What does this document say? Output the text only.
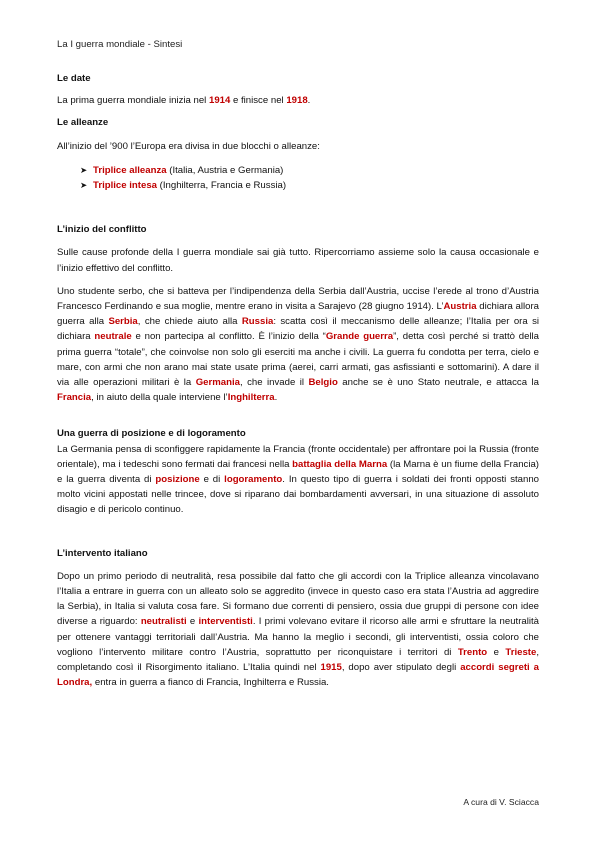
La I guerra mondiale - Sintesi
Le date

La prima guerra mondiale inizia nel 1914 e finisce nel 1918.

Le alleanze

All’inizio del ’900 l’Europa era divisa in due blocchi o alleanze:

➤ Triplice alleanza (Italia, Austria e Germania)
➤ Triplice intesa (Inghilterra, Francia e Russia)
L’inizio del conflitto

Sulle cause profonde della I guerra mondiale sai già tutto. Ripercorriamo assieme solo la causa occasionale e l’inizio effettivo del conflitto.

Uno studente serbo, che si batteva per l’indipendenza della Serbia dall’Austria, uccise l’erede al trono d’Austria Francesco Ferdinando e sua moglie, mentre erano in visita a Sarajevo (28 giugno 1914). L’Austria dichiara allora guerra alla Serbia, che chiede aiuto alla Russia: scatta così il meccanismo delle alleanze; l’Italia per ora si dichiara neutrale e non partecipa al conflitto. È l’inizio della “Grande guerra”, detta così perché si trattò della prima guerra “totale”, che coinvolse non solo gli eserciti ma anche i civili. La guerra fu condotta per terra, cielo e mare, con armi che non arano mai state usate prima (aerei, carri armati, gas asfissianti e sottomarini). A dare il via alle operazioni militari è la Germania, che invade il Belgio anche se è uno Stato neutrale, e attacca la Francia, in aiuto della quale interviene l’Inghilterra.

Una guerra di posizione e di logoramento

La Germania pensa di sconfiggere rapidamente la Francia (fronte occidentale) per affrontare poi la Russia (fronte orientale), ma i tedeschi sono fermati dai francesi nella battaglia della Marna (la Marna è un fiume della Francia) e la guerra diventa di posizione e di logoramento. In questo tipo di guerra i soldati dei fronti opposti stanno molto vicini appostati nelle trincee, dove si riparano dai bombardamenti avversari, in una situazione di assoluto disagio e di pericolo continuo.

L’intervento italiano

Dopo un primo periodo di neutralità, resa possibile dal fatto che gli accordi con la Triplice alleanza vincolavano l’Italia a entrare in guerra con un alleato solo se aggredito (invece in questo caso era stata l’Austria ad aggredire la Serbia), in Italia si valuta cosa fare. Si formano due correnti di pensiero, ossia due gruppi di persone con idee diverse a riguardo: neutralisti e interventisti. I primi volevano evitare il ricorso alle armi e sfruttare la neutralità per ottenere vantaggi territoriali dall’Austria. Ma hanno la meglio i secondi, gli interventisti, ossia coloro che vogliono l’intervento militare contro l’Austria, soprattutto per riconquistare i territori di Trento e Trieste, completando così il Risorgimento italiano. L’Italia quindi nel 1915, dopo aver stipulato degli accordi segreti a Londra, entra in guerra a fianco di Francia, Inghilterra e Russia.

A cura di V. Sciacca
